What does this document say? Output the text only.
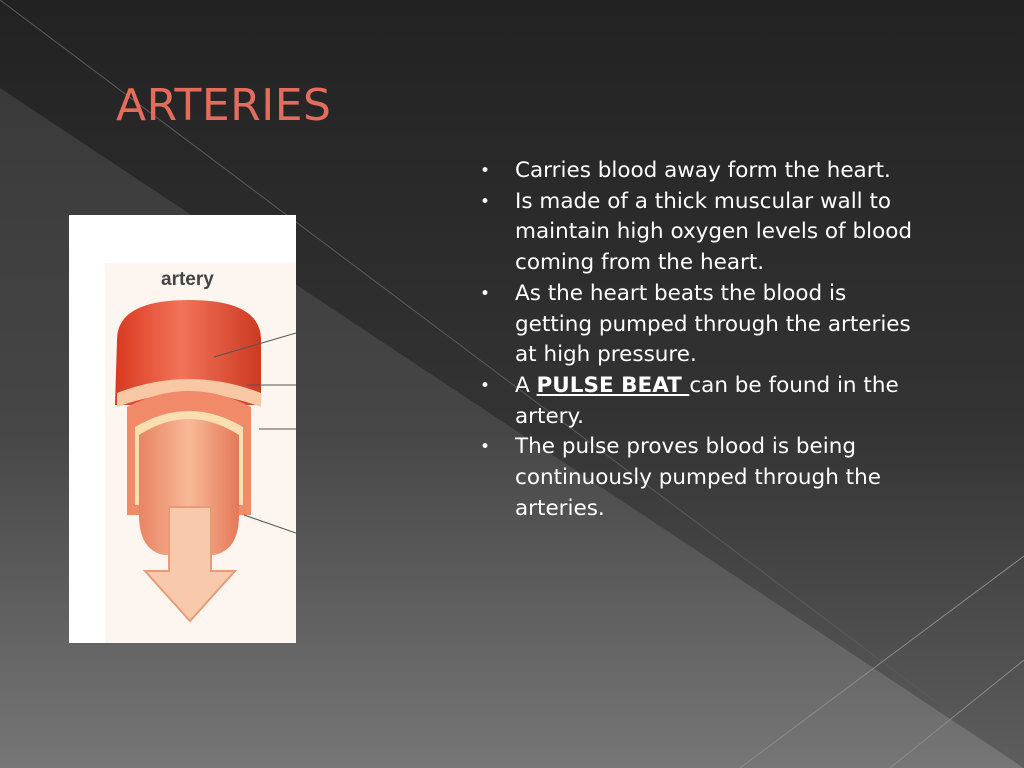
ARTERIES
artery
• Carries blood away form the heart.
• Is made of a thick muscular wall to maintain high oxygen levels of blood coming from the heart.
• As the heart beats the blood is getting pumped through the arteries at high pressure.
• A PULSE BEAT can be found in the artery.
• The pulse proves blood is being continuously pumped through the arteries.
